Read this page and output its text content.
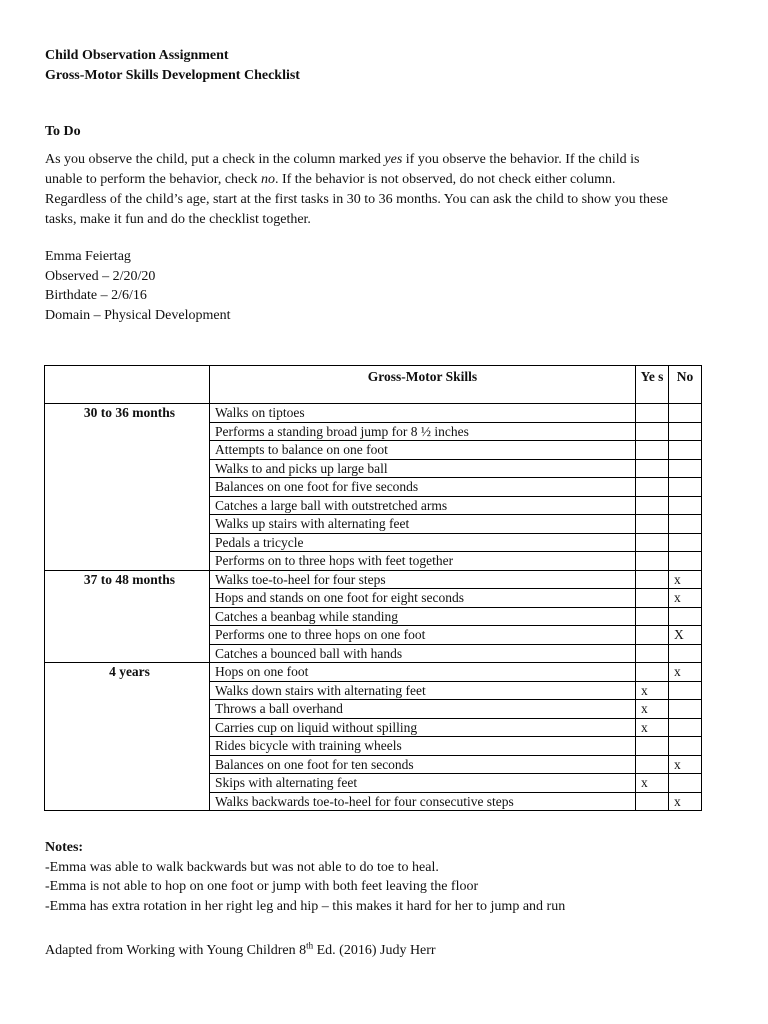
Child Observation Assignment
Gross-Motor Skills Development Checklist
To Do
As you observe the child, put a check in the column marked yes if you observe the behavior. If the child is
unable to perform the behavior, check no. If the behavior is not observed, do not check either column.
Regardless of the child’s age, start at the first tasks in 30 to 36 months. You can ask the child to show you these
tasks, make it fun and do the checklist together.
Emma Feiertag
Observed – 2/20/20
Birthdate – 2/6/16
Domain – Physical Development
	Gross-Motor Skills	Ye s	No
30 to 36 months	Walks on tiptoes		
	Performs a standing broad jump for 8 ½ inches		
	Attempts to balance on one foot		
	Walks to and picks up large ball		
	Balances on one foot for five seconds		
	Catches a large ball with outstretched arms		
	Walks up stairs with alternating feet		
	Pedals a tricycle		
	Performs on to three hops with feet together		
37 to 48 months	Walks toe-to-heel for four steps		x
	Hops and stands on one foot for eight seconds		x
	Catches a beanbag while standing		
	Performs one to three hops on one foot		X
	Catches a bounced ball with hands		
4 years	Hops on one foot		x
	Walks down stairs with alternating feet	x	
	Throws a ball overhand	x	
	Carries cup on liquid without spilling	x	
	Rides bicycle with training wheels		
	Balances on one foot for ten seconds		x
	Skips with alternating feet	x	
	Walks backwards toe-to-heel for four consecutive steps		x
Notes:
-Emma was able to walk backwards but was not able to do toe to heal.
-Emma is not able to hop on one foot or jump with both feet leaving the floor
-Emma has extra rotation in her right leg and hip – this makes it hard for her to jump and run
Adapted from Working with Young Children 8th Ed. (2016) Judy Herr
